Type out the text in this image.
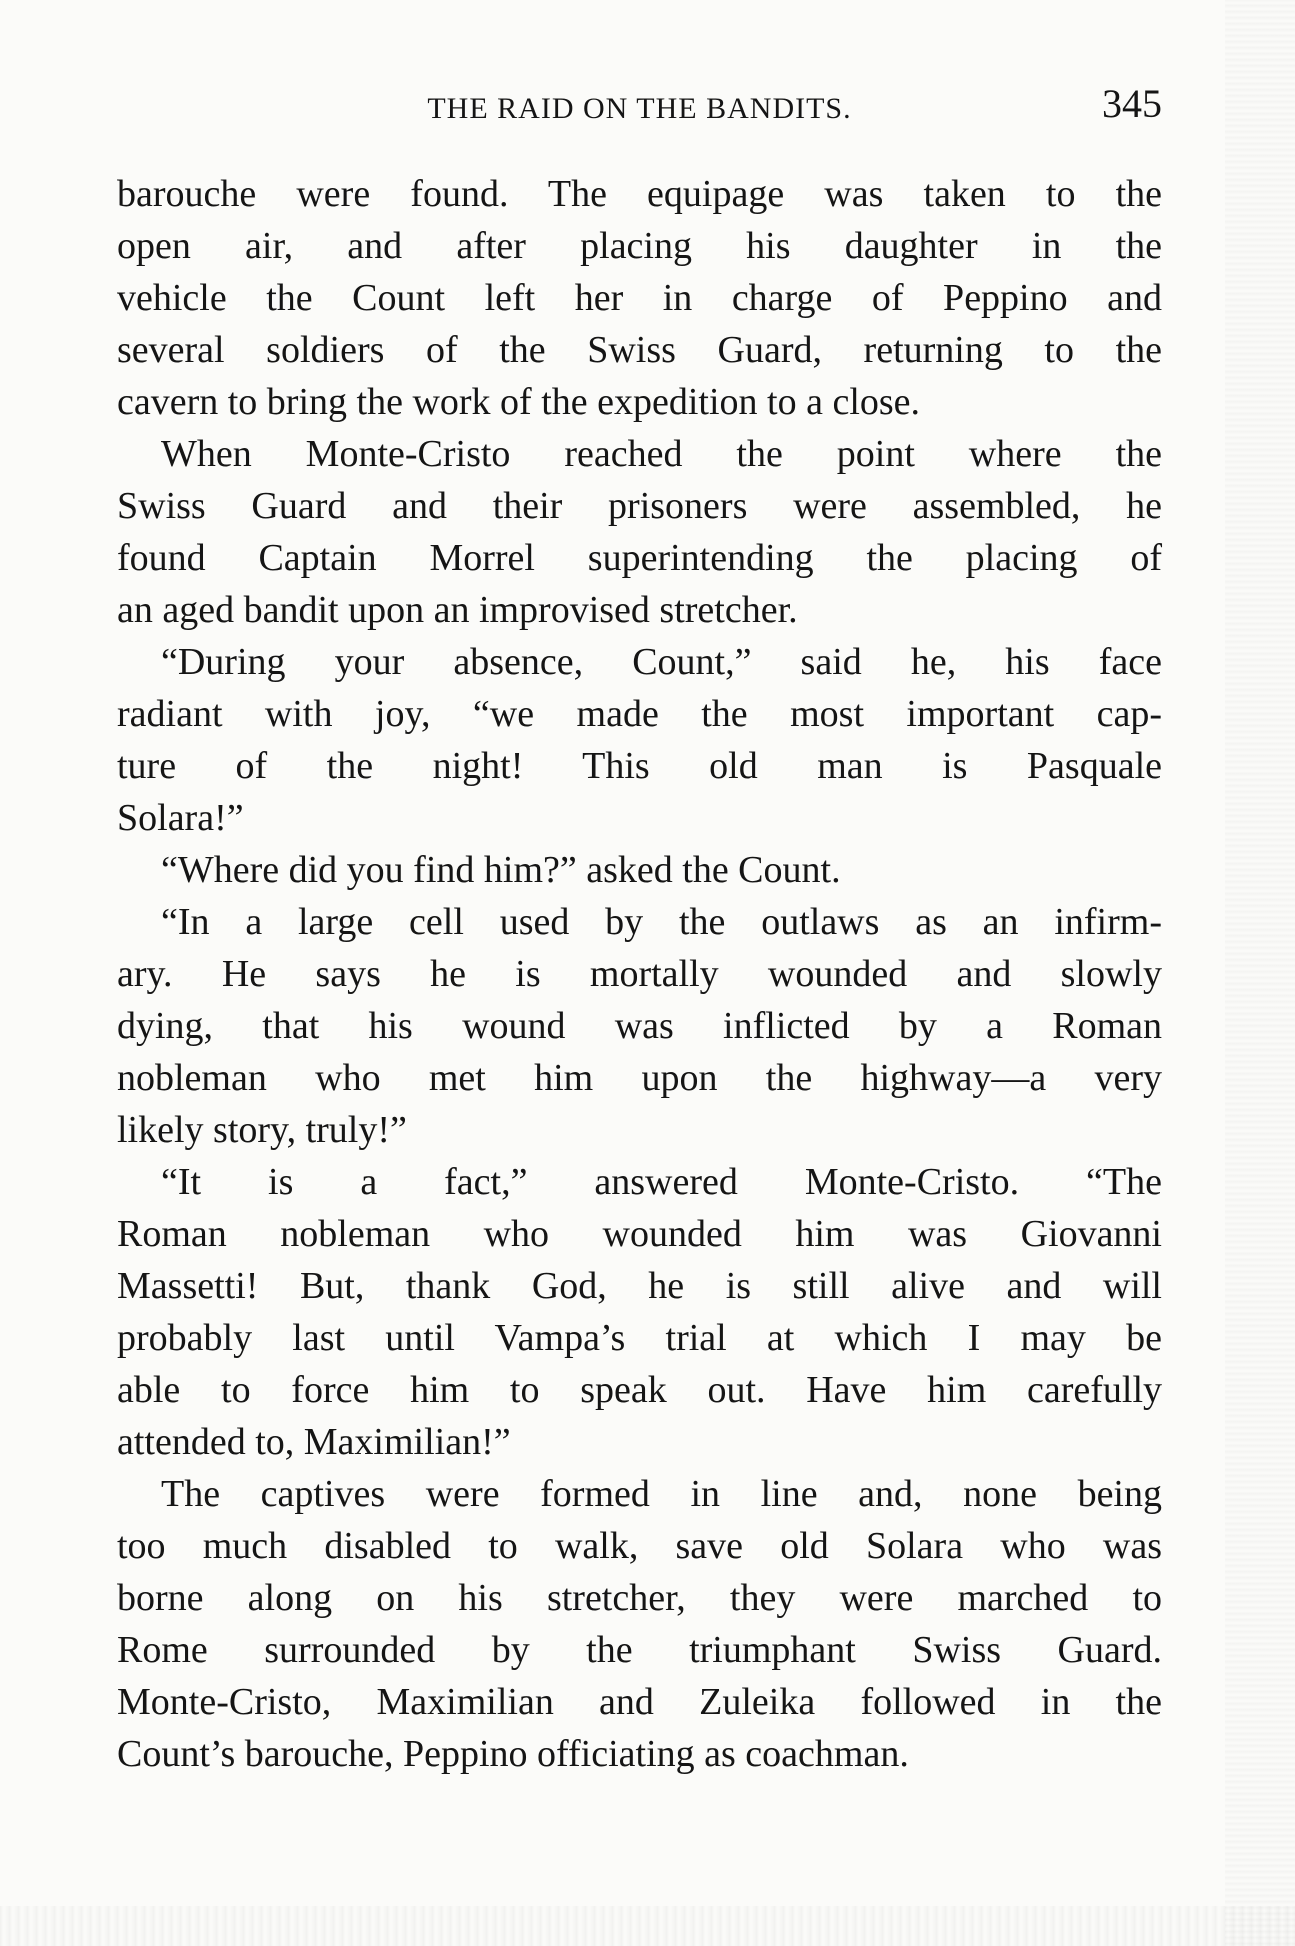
THE RAID ON THE BANDITS.	345
barouche were found. The equipage was taken to the
open air, and after placing his daughter in the
vehicle the Count left her in charge of Peppino and
several soldiers of the Swiss Guard, returning to the
cavern to bring the work of the expedition to a close.
When Monte-Cristo reached the point where the
Swiss Guard and their prisoners were assembled, he
found Captain Morrel superintending the placing of
an aged bandit upon an improvised stretcher.
“During your absence, Count,” said he, his face
radiant with joy, “we made the most important cap-
ture of the night! This old man is Pasquale
Solara!”
“Where did you find him?” asked the Count.
“In a large cell used by the outlaws as an infirm-
ary. He says he is mortally wounded and slowly
dying, that his wound was inflicted by a Roman
nobleman who met him upon the highway—a very
likely story, truly!”
“It is a fact,” answered Monte-Cristo. “The
Roman nobleman who wounded him was Giovanni
Massetti! But, thank God, he is still alive and will
probably last until Vampa’s trial at which I may be
able to force him to speak out. Have him carefully
attended to, Maximilian!”
The captives were formed in line and, none being
too much disabled to walk, save old Solara who was
borne along on his stretcher, they were marched to
Rome surrounded by the triumphant Swiss Guard.
Monte-Cristo, Maximilian and Zuleika followed in the
Count’s barouche, Peppino officiating as coachman.
